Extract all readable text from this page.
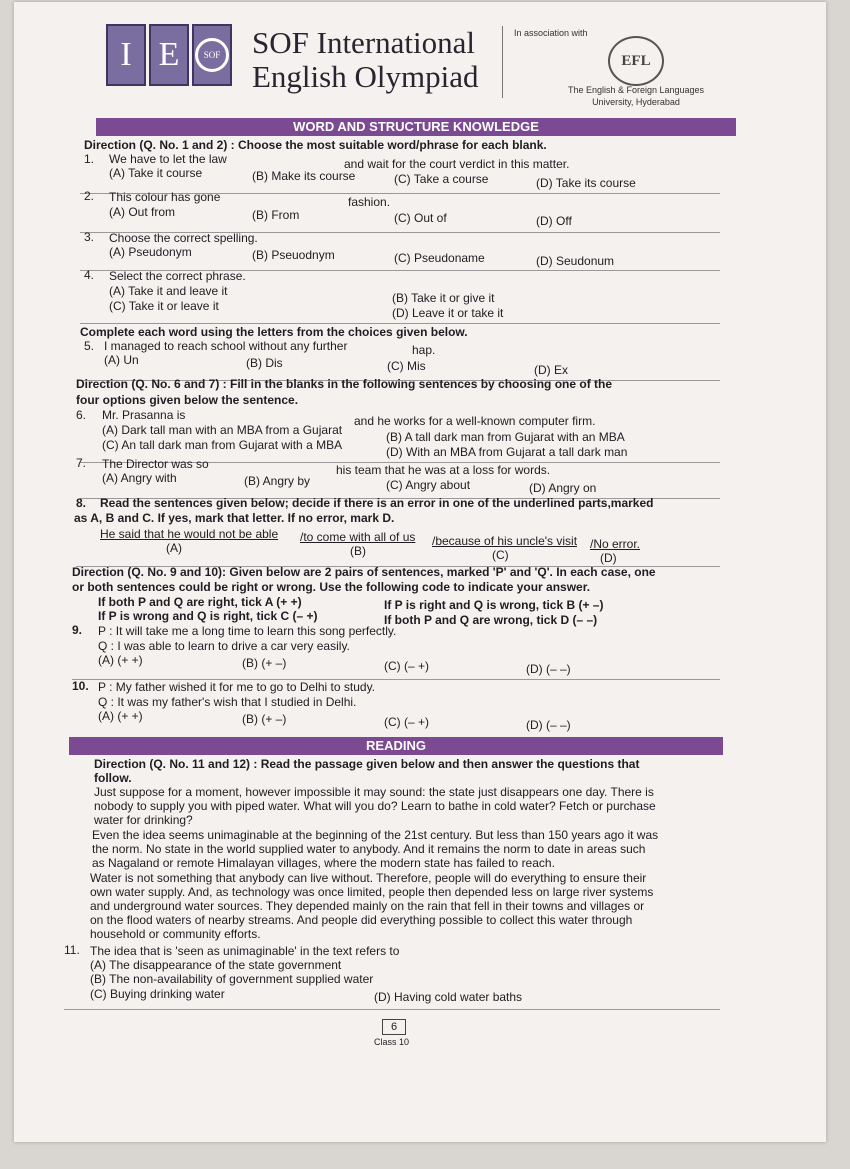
I E	SOF SOF International
English Olympiad
In association with
EFL
The English & Foreign Languages
University, Hyderabad
WORD AND STRUCTURE KNOWLEDGE
Direction (Q. No. 1 and 2) : Choose the most suitable word/phrase for each blank.
1. We have to let the law	and wait for the court verdict in this matter.
(A) Take it course	(B) Make its course	(C) Take a course	(D) Take its course
2. This colour has gone	fashion.
(A) Out from	(B) From	(C) Out of	(D) Off
3. Choose the correct spelling.
(A) Pseudonym	(B) Pseuodnym	(C) Pseudoname	(D) Seudonum
4. Select the correct phrase.
(A) Take it and leave it	(B) Take it or give it
(C) Take it or leave it	(D) Leave it or take it
Complete each word using the letters from the choices given below.
5. I managed to reach school without any further	hap.
(A) Un	(B) Dis	(C) Mis	(D) Ex
Direction (Q. No. 6 and 7) : Fill in the blanks in the following sentences by choosing one of the
four options given below the sentence.
6. Mr. Prasanna is	and he works for a well-known computer firm.
(A) Dark tall man with an MBA from a Gujarat	(B) A tall dark man from Gujarat with an MBA
(C) An tall dark man from Gujarat with a MBA	(D) With an MBA from Gujarat a tall dark man
7. The Director was so	his team that he was at a loss for words.
(A) Angry with	(B) Angry by	(C) Angry about	(D) Angry on
8. Read the sentences given below; decide if there is an error in one of the underlined parts,marked
as A, B and C. If yes, mark that letter. If no error, mark D.
He said that he would not be able /to come with all of us /because of his uncle's visit /No error.
(A)	(B)	(C)	(D)
Direction (Q. No. 9 and 10): Given below are 2 pairs of sentences, marked 'P' and 'Q'. In each case, one
or both sentences could be right or wrong. Use the following code to indicate your answer.
If both P and Q are right, tick A (+ +)	If P is right and Q is wrong, tick B (+ –)
If P is wrong and Q is right, tick C (– +)	If both P and Q are wrong, tick D (– –)
9. P : It will take me a long time to learn this song perfectly.
Q : I was able to learn to drive a car very easily.
(A) (+ +)	(B) (+ –)	(C) (– +)	(D) (– –)
10. P : My father wished it for me to go to Delhi to study.
Q : It was my father's wish that I studied in Delhi.
(A) (+ +)	(B) (+ –)	(C) (– +)	(D) (– –)
READING
Direction (Q. No. 11 and 12) : Read the passage given below and then answer the questions that
follow.
Just suppose for a moment, however impossible it may sound: the state just disappears one day. There is
nobody to supply you with piped water. What will you do? Learn to bathe in cold water? Fetch or purchase
water for drinking?
Even the idea seems unimaginable at the beginning of the 21st century. But less than 150 years ago it was
the norm. No state in the world supplied water to anybody. And it remains the norm to date in areas such
as Nagaland or remote Himalayan villages, where the modern state has failed to reach.
Water is not something that anybody can live without. Therefore, people will do everything to ensure their
own water supply. And, as technology was once limited, people then depended less on large river systems
and underground water sources. They depended mainly on the rain that fell in their towns and villages or
on the flood waters of nearby streams. And people did everything possible to collect this water through
household or community efforts.
11. The idea that is 'seen as unimaginable' in the text refers to
(A) The disappearance of the state government
(B) The non-availability of government supplied water
(C) Buying drinking water	(D) Having cold water baths
6
Class 10
